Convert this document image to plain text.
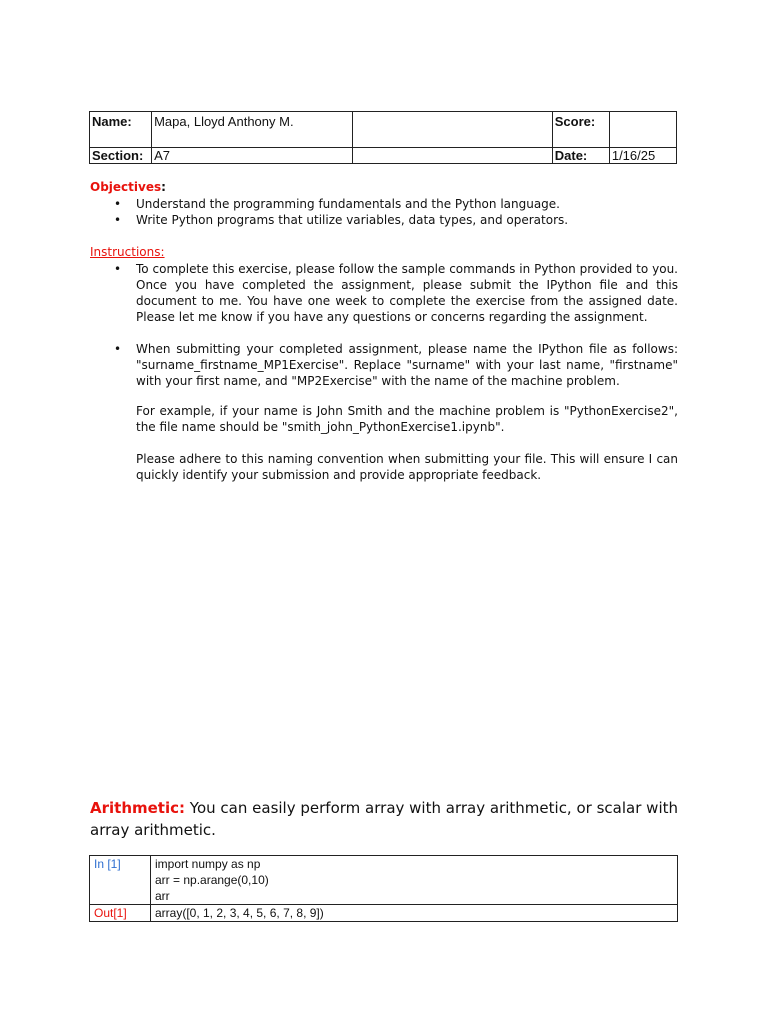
Name:	Mapa, Lloyd Anthony M.		Score:	
Section:	A7		Date:	1/16/25
Objectives:
• Understand the programming fundamentals and the Python language.
• Write Python programs that utilize variables, data types, and operators.
Instructions:
• To complete this exercise, please follow the sample commands in Python provided to you. Once you have completed the assignment, please submit the IPython file and this document to me. You have one week to complete the exercise from the assigned date. Please let me know if you have any questions or concerns regarding the assignment.
• When submitting your completed assignment, please name the IPython file as follows: "surname_firstname_MP1Exercise". Replace "surname" with your last name, "firstname" with your first name, and "MP2Exercise" with the name of the machine problem.

For example, if your name is John Smith and the machine problem is "PythonExercise2", the file name should be "smith_john_PythonExercise1.ipynb".

Please adhere to this naming convention when submitting your file. This will ensure I can quickly identify your submission and provide appropriate feedback.

Arithmetic: You can easily perform array with array arithmetic, or scalar with array arithmetic.
In [1]	import numpy as np
arr = np.arange(0,10)
arr

Out[1]	array([0, 1, 2, 3, 4, 5, 6, 7, 8, 9])
